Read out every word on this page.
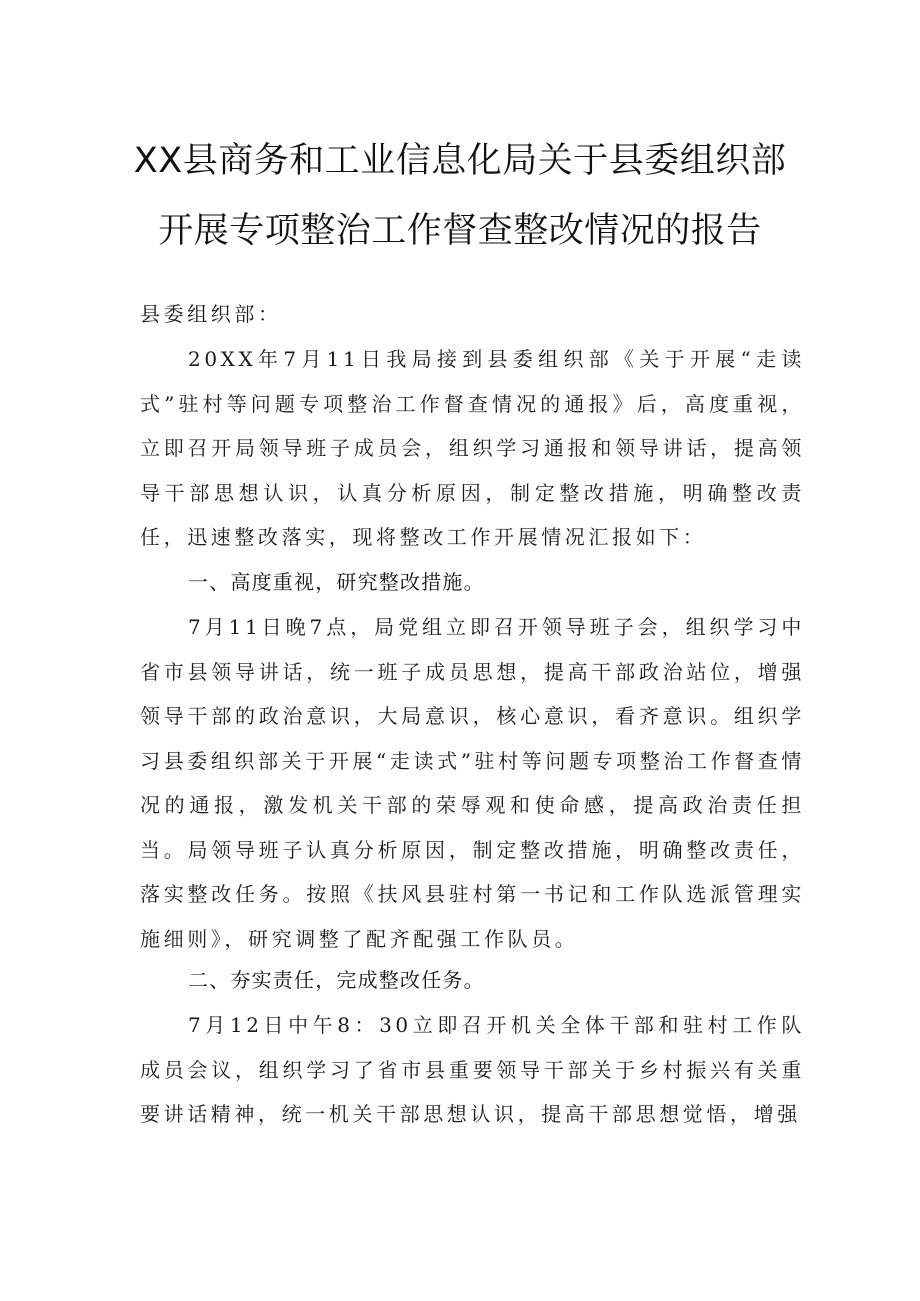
XX县商务和工业信息化局关于县委组织部
开展专项整治工作督查整改情况的报告

县委组织部：

20XX年7月11日我局接到县委组织部《关于开展“走读式”驻村等问题专项整治工作督查情况的通报》后，高度重视，立即召开局领导班子成员会，组织学习通报和领导讲话，提高领导干部思想认识，认真分析原因，制定整改措施，明确整改责任，迅速整改落实，现将整改工作开展情况汇报如下：

一、高度重视，研究整改措施。

7月11日晚7点，局党组立即召开领导班子会，组织学习中省市县领导讲话，统一班子成员思想，提高干部政治站位，增强领导干部的政治意识，大局意识，核心意识，看齐意识。组织学习县委组织部关于开展“走读式”驻村等问题专项整治工作督查情况的通报，激发机关干部的荣辱观和使命感，提高政治责任担当。局领导班子认真分析原因，制定整改措施，明确整改责任，落实整改任务。按照《扶风县驻村第一书记和工作队选派管理实施细则》，研究调整了配齐配强工作队员。

二、夯实责任，完成整改任务。

7月12日中午8：30立即召开机关全体干部和驻村工作队成员会议，组织学习了省市县重要领导干部关于乡村振兴有关重要讲话精神，统一机关干部思想认识，提高干部思想觉悟，增强
